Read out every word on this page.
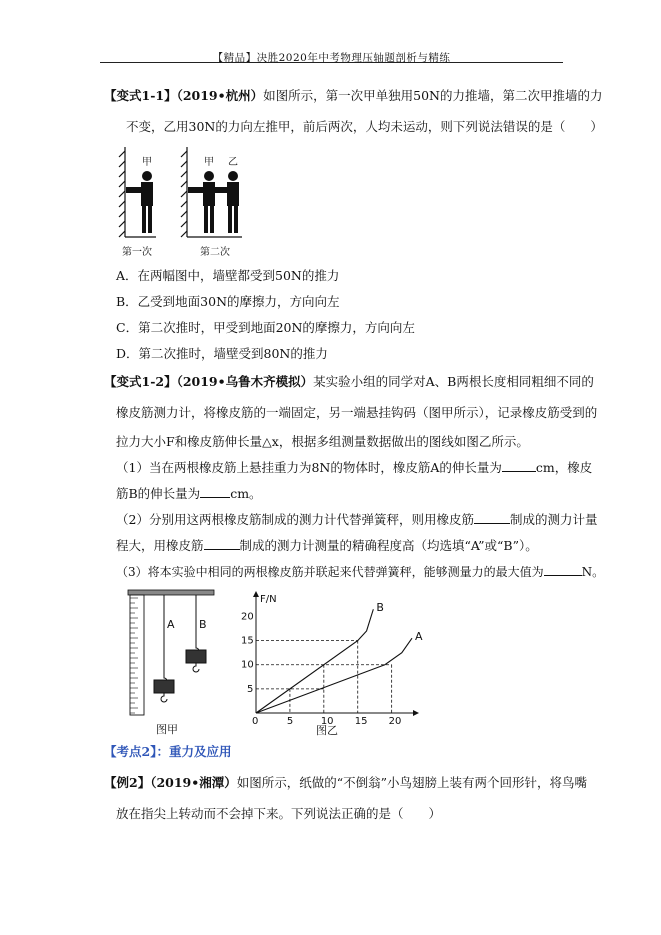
【精品】决胜2020年中考物理压轴题剖析与精练
【变式1-1】（2019•杭州）如图所示，第一次甲单独用50N的力推墙，第二次甲推墙的力
不变，乙用30N的力向左推甲，前后两次，人均未运动，则下列说法错误的是（　　）
甲	甲 乙
第一次	第二次
A．在两幅图中，墙壁都受到50N的推力
B．乙受到地面30N的摩擦力，方向向左
C．第二次推时，甲受到地面20N的摩擦力，方向向左
D．第二次推时，墙壁受到80N的推力
【变式1-2】（2019•乌鲁木齐模拟）某实验小组的同学对A、B两根长度相同粗细不同的
橡皮筋测力计，将橡皮筋的一端固定，另一端悬挂钩码（图甲所示），记录橡皮筋受到的
拉力大小F和橡皮筋伸长量△x，根据多组测量数据做出的图线如图乙所示。
（1）当在两根橡皮筋上悬挂重力为8N的物体时，橡皮筋A的伸长量为	cm，橡皮
筋B的伸长量为 cm。
（2）分别用这两根橡皮筋制成的测力计代替弹簧秤，则用橡皮筋	制成的测力计量
程大，用橡皮筋	制成的测力计测量的精确程度高（均选填“A”或“B”）。
（3）将本实验中相同的两根橡皮筋并联起来代替弹簧秤，能够测量力的最大值为	N。
A B
图甲
F/N
0	5	10 15 20
5
10
15
20
B
A
图乙
【考点2】：重力及应用
【例2】（2019•湘潭）如图所示，纸做的“不倒翁”小鸟翅膀上装有两个回形针，将鸟嘴
放在指尖上转动而不会掉下来。下列说法正确的是（　　）
